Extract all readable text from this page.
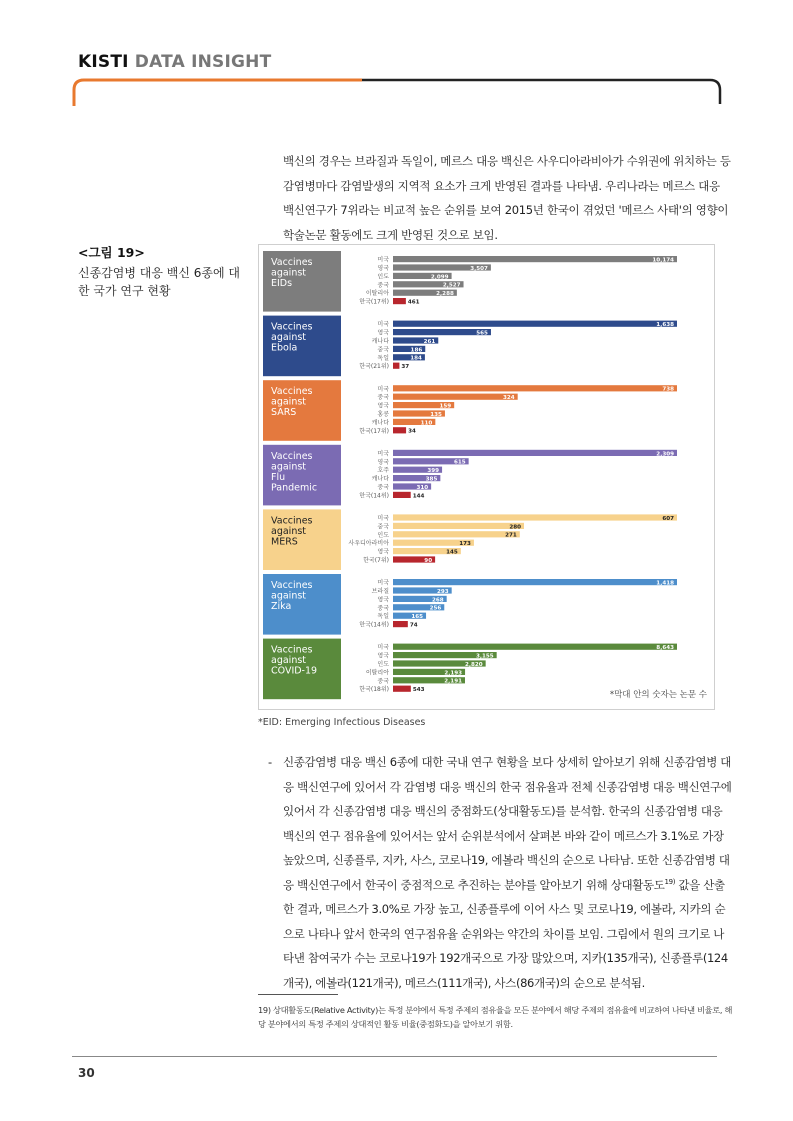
KISTI DATA INSIGHT

백신의 경우는 브라질과 독일이, 메르스 대응 백신은 사우디아라비아가 수위권에 위치하는 등 감염병마다 감염발생의 지역적 요소가 크게 반영된 결과를 나타냄. 우리나라는 메르스 대응 백신연구가 7위라는 비교적 높은 순위를 보여 2015년 한국이 겪었던 '메르스 사태'의 영향이 학술논문 활동에도 크게 반영된 것으로 보임.

<그림 19>
신종감염병 대응 백신 6종에 대한 국가 연구 현황
Vaccines
against
EIDs
미국	10,174
영국	3,507
인도	2,099
중국	2,527
이탈리아	2,288
한국(17위)	461
Vaccines
against
Ebola
미국	1,638
영국	565
캐나다	261
중국	186
독일	184
한국(21위) 37
Vaccines
against
SARS
미국	738
중국	324
영국	159
홍콩	135
캐나다	110
한국(17위)	34
Vaccines
against
Flu
Pandemic
미국	2,309
영국	615
호주	399
캐나다	385
중국	310
한국(14위)	144
Vaccines
against
MERS
미국	607
중국	280
인도	271
사우디아라비아	173
영국	145
한국(7위)	90
Vaccines
against
Zika
미국	1,418
브라질	293
영국	268
중국	256
독일	165
한국(14위)	74
Vaccines
against
COVID-19
미국	8,643
영국	3,155
인도	2,820
이탈리아	2,193
중국	2,191
한국(18위)	543	*막대 안의 숫자는 논문 수
*EID: Emerging Infectious Diseases
- 신종감염병 대응 백신 6종에 대한 국내 연구 현황을 보다 상세히 알아보기 위해 신종감염병 대응 백신연구에 있어서 각 감염병 대응 백신의 한국 점유율과 전체 신종감염병 대응 백신연구에 있어서 각 신종감염병 대응 백신의 중점화도(상대활동도)를 분석함. 한국의 신종감염병 대응 백신의 연구 점유율에 있어서는 앞서 순위분석에서 살펴본 바와 같이 메르스가 3.1%로 가장 높았으며, 신종플루, 지카, 사스, 코로나19, 에볼라 백신의 순으로 나타남. 또한 신종감염병 대응 백신연구에서 한국이 중점적으로 추진하는 분야를 알아보기 위해 상대활동도$^{19)}$ 값을 산출한 결과, 메르스가 3.0%로 가장 높고, 신종플루에 이어 사스 및 코로나19, 에볼라, 지카의 순으로 나타나 앞서 한국의 연구점유율 순위와는 약간의 차이를 보임. 그림에서 원의 크기로 나타낸 참여국가 수는 코로나19가 192개국으로 가장 많았으며, 지카(135개국), 신종플루(124개국), 에볼라(121개국), 메르스(111개국), 사스(86개국)의 순으로 분석됨.
19) 상대활동도(Relative Activity)는 특정 분야에서 특정 주제의 점유율을 모든 분야에서 해당 주제의 점유율에 비교하여 나타낸 비율로, 해당 분야에서의 특정 주제의 상대적인 활동 비율(중점화도)을 알아보기 위함.
30
